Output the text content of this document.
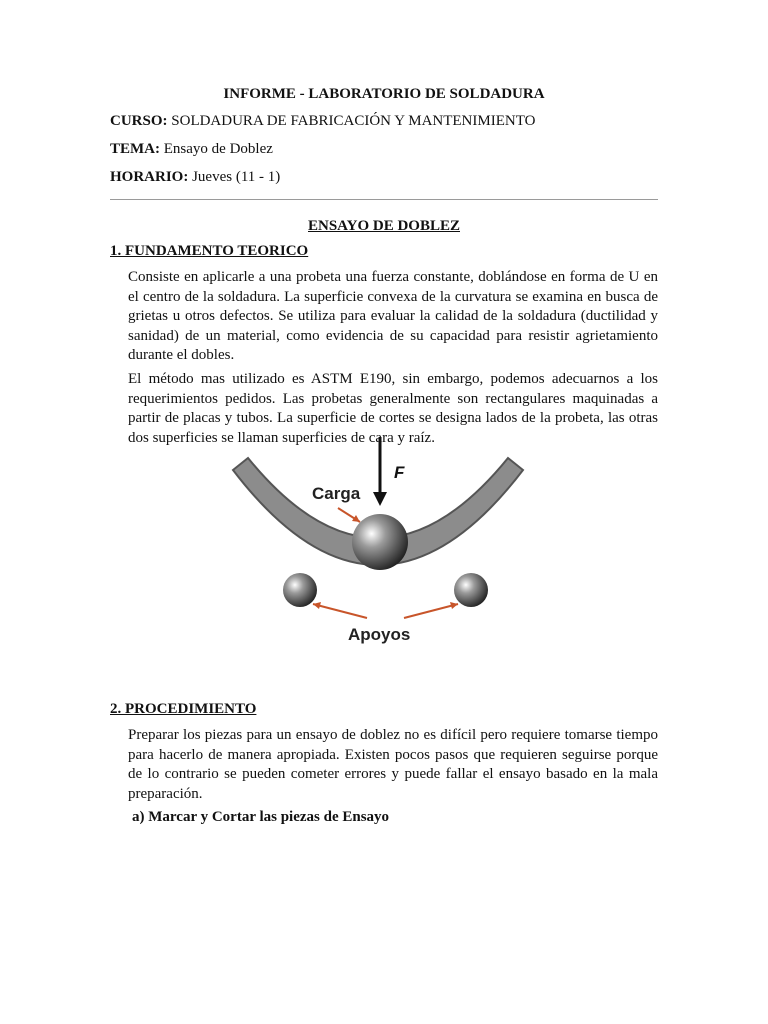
INFORME - LABORATORIO DE SOLDADURA
CURSO: SOLDADURA DE FABRICACIÓN Y MANTENIMIENTO
TEMA: Ensayo de Doblez
HORARIO: Jueves (11 - 1)
ENSAYO DE DOBLEZ
1. FUNDAMENTO TEORICO
Consiste en aplicarle a una probeta una fuerza constante, doblándose en forma de U en el centro de la soldadura. La superficie convexa de la curvatura se examina en busca de grietas u otros defectos. Se utiliza para evaluar la calidad de la soldadura (ductilidad y sanidad) de un material, como evidencia de su capacidad para resistir agrietamiento durante el dobles.
El método mas utilizado es ASTM E190, sin embargo, podemos adecuarnos a los requerimientos pedidos. Las probetas generalmente son rectangulares maquinadas a partir de placas y tubos. La superficie de cortes se designa lados de la probeta, las otras dos superficies se llaman superficies de cara y raíz.
F
Carga
Apoyos
2. PROCEDIMIENTO
Preparar los piezas para un ensayo de doblez no es difícil pero requiere tomarse tiempo para hacerlo de manera apropiada. Existen pocos pasos que requieren seguirse porque de lo contrario se pueden cometer errores y puede fallar el ensayo basado en la mala preparación.
a) Marcar y Cortar las piezas de Ensayo
